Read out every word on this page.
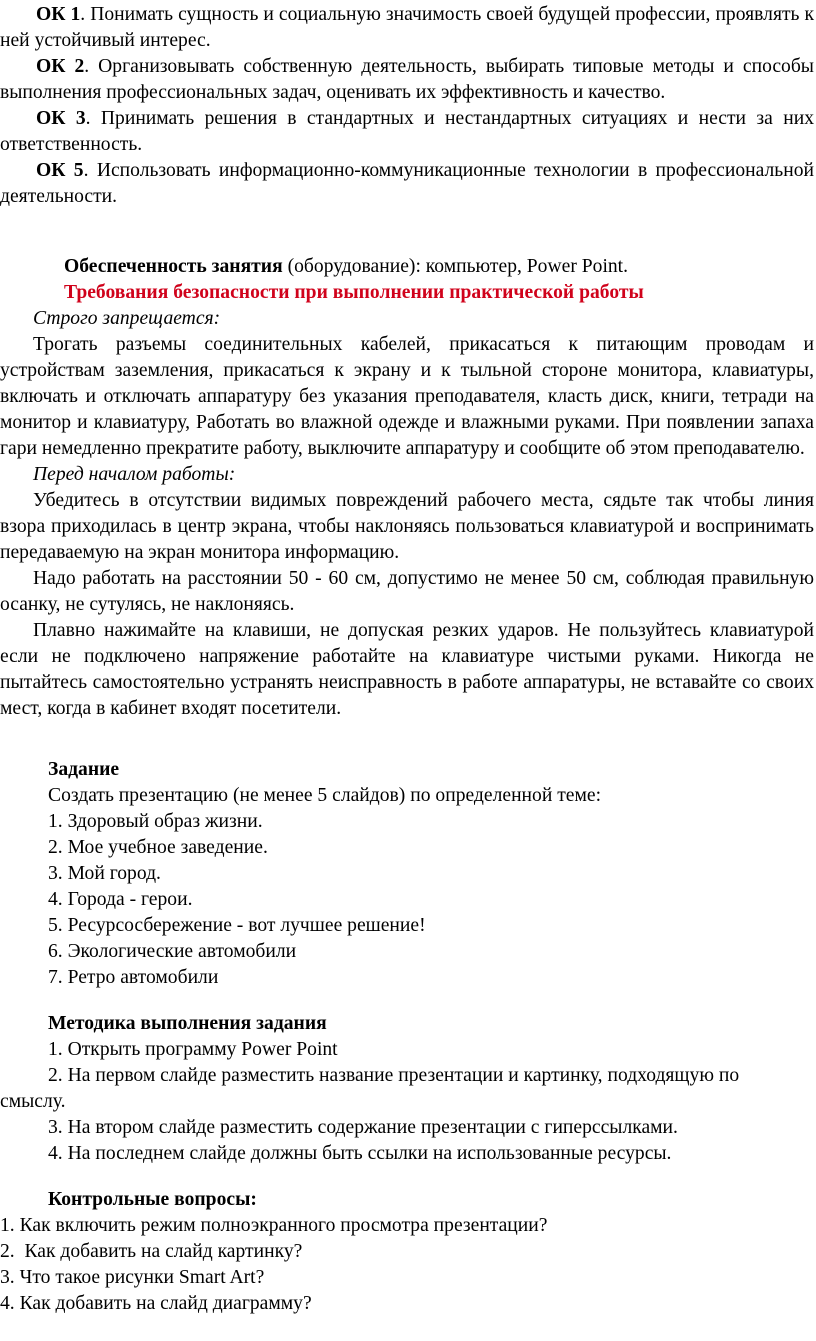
ОК 1. Понимать сущность и социальную значимость своей будущей профессии, проявлять к ней устойчивый интерес.

ОК 2. Организовывать собственную деятельность, выбирать типовые методы и способы выполнения профессиональных задач, оценивать их эффективность и качество.

ОК 3. Принимать решения в стандартных и нестандартных ситуациях и нести за них ответственность.

ОК 5. Использовать информационно-коммуникационные технологии в профессиональной деятельности.

Обеспеченность занятия (оборудование): компьютер, Power Point.

Требования безопасности при выполнении практической работы

Строго запрещается:

Трогать разъемы соединительных кабелей, прикасаться к питающим проводам и устройствам заземления, прикасаться к экрану и к тыльной стороне монитора, клавиатуры, включать и отключать аппаратуру без указания преподавателя, класть диск, книги, тетради на монитор и клавиатуру, Работать во влажной одежде и влажными руками. При появлении запаха гари немедленно прекратите работу, выключите аппаратуру и сообщите об этом преподавателю.

Перед началом работы:

Убедитесь в отсутствии видимых повреждений рабочего места, сядьте так чтобы линия взора приходилась в центр экрана, чтобы наклоняясь пользоваться клавиатурой и воспринимать передаваемую на экран монитора информацию.

Надо работать на расстоянии 50 - 60 см, допустимо не менее 50 см, соблюдая правильную осанку, не сутулясь, не наклоняясь.

Плавно нажимайте на клавиши, не допуская резких ударов. Не пользуйтесь клавиатурой если не подключено напряжение работайте на клавиатуре чистыми руками. Никогда не пытайтесь самостоятельно устранять неисправность в работе аппаратуры, не вставайте со своих мест, когда в кабинет входят посетители.

Задание

Создать презентацию (не менее 5 слайдов) по определенной теме:

1. Здоровый образ жизни.

2. Мое учебное заведение.

3. Мой город.

4. Города - герои.

5. Ресурсосбережение - вот лучшее решение!

6. Экологические автомобили

7. Ретро автомобили

Методика выполнения задания

1. Открыть программу Power Point

2. На первом слайде разместить название презентации и картинку, подходящую по смыслу.

3. На втором слайде разместить содержание презентации с гиперссылками.

4. На последнем слайде должны быть ссылки на использованные ресурсы.

Контрольные вопросы:

1. Как включить режим полноэкранного просмотра презентации?

2.  Как добавить на слайд картинку?

3. Что такое рисунки Smart Art?

4. Как добавить на слайд диаграмму?
